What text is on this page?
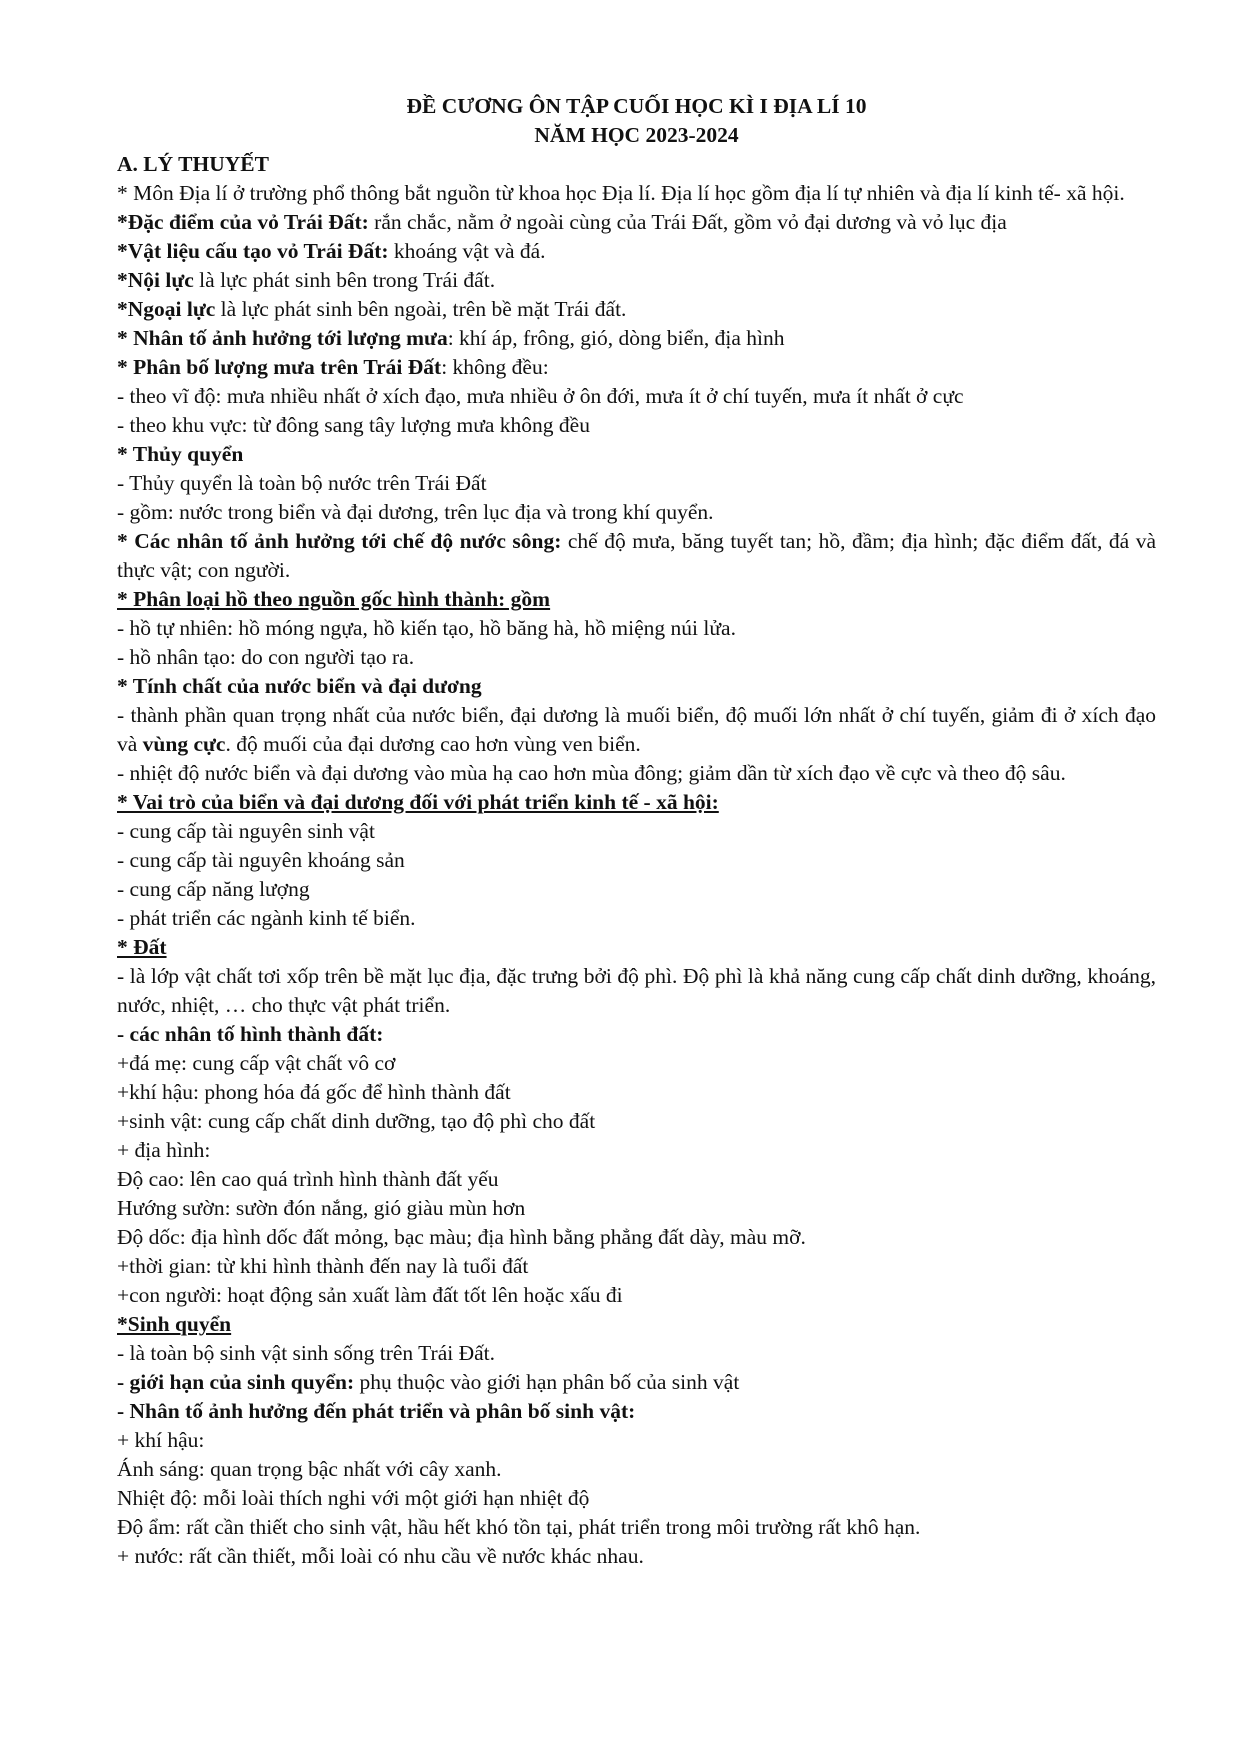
ĐỀ CƯƠNG ÔN TẬP CUỐI HỌC KÌ I ĐỊA LÍ 10
NĂM HỌC 2023-2024

A. LÝ THUYẾT

* Môn Địa lí ở trường phổ thông bắt nguồn từ khoa học Địa lí. Địa lí học gồm địa lí tự nhiên và địa lí kinh tế- xã hội.

*Đặc điểm của vỏ Trái Đất: rắn chắc, nằm ở ngoài cùng của Trái Đất, gồm vỏ đại dương và vỏ lục địa

*Vật liệu cấu tạo vỏ Trái Đất: khoáng vật và đá.

*Nội lực là lực phát sinh bên trong Trái đất.

*Ngoại lực là lực phát sinh bên ngoài, trên bề mặt Trái đất.

* Nhân tố ảnh hưởng tới lượng mưa: khí áp, frông, gió, dòng biển, địa hình

* Phân bố lượng mưa trên Trái Đất: không đều:

- theo vĩ độ: mưa nhiều nhất ở xích đạo, mưa nhiều ở ôn đới, mưa ít ở chí tuyến, mưa ít nhất ở cực

- theo khu vực: từ đông sang tây lượng mưa không đều

* Thủy quyển

- Thủy quyển là toàn bộ nước trên Trái Đất

- gồm: nước trong biển và đại dương, trên lục địa và trong khí quyển.

* Các nhân tố ảnh hưởng tới chế độ nước sông: chế độ mưa, băng tuyết tan; hồ, đầm; địa hình; đặc điểm đất, đá và thực vật; con người.

* Phân loại hồ theo nguồn gốc hình thành: gồm

- hồ tự nhiên: hồ móng ngựa, hồ kiến tạo, hồ băng hà, hồ miệng núi lửa.

- hồ nhân tạo: do con người tạo ra.

* Tính chất của nước biển và đại dương

- thành phần quan trọng nhất của nước biển, đại dương là muối biển, độ muối lớn nhất ở chí tuyến, giảm đi ở xích đạo và vùng cực. độ muối của đại dương cao hơn vùng ven biển.

- nhiệt độ nước biển và đại dương vào mùa hạ cao hơn mùa đông; giảm dần từ xích đạo về cực và theo độ sâu.

* Vai trò của biển và đại dương đối với phát triển kinh tế - xã hội:

- cung cấp tài nguyên sinh vật

- cung cấp tài nguyên khoáng sản

- cung cấp năng lượng

- phát triển các ngành kinh tế biển.

* Đất

- là lớp vật chất tơi xốp trên bề mặt lục địa, đặc trưng bởi độ phì. Độ phì là khả năng cung cấp chất dinh dưỡng, khoáng, nước, nhiệt, … cho thực vật phát triển.

- các nhân tố hình thành đất:

+đá mẹ: cung cấp vật chất vô cơ

+khí hậu: phong hóa đá gốc để hình thành đất

+sinh vật: cung cấp chất dinh dưỡng, tạo độ phì cho đất

+ địa hình:

Độ cao: lên cao quá trình hình thành đất yếu

Hướng sườn: sườn đón nắng, gió giàu mùn hơn

Độ dốc: địa hình dốc đất mỏng, bạc màu; địa hình bằng phẳng đất dày, màu mỡ.

+thời gian: từ khi hình thành đến nay là tuổi đất

+con người: hoạt động sản xuất làm đất tốt lên hoặc xấu đi

*Sinh quyển

- là toàn bộ sinh vật sinh sống trên Trái Đất.

- giới hạn của sinh quyển: phụ thuộc vào giới hạn phân bố của sinh vật

- Nhân tố ảnh hưởng đến phát triển và phân bố sinh vật:

+ khí hậu:

Ánh sáng: quan trọng bậc nhất với cây xanh.

Nhiệt độ: mỗi loài thích nghi với một giới hạn nhiệt độ

Độ ẩm: rất cần thiết cho sinh vật, hầu hết khó tồn tại, phát triển trong môi trường rất khô hạn.

+ nước: rất cần thiết, mỗi loài có nhu cầu về nước khác nhau.
